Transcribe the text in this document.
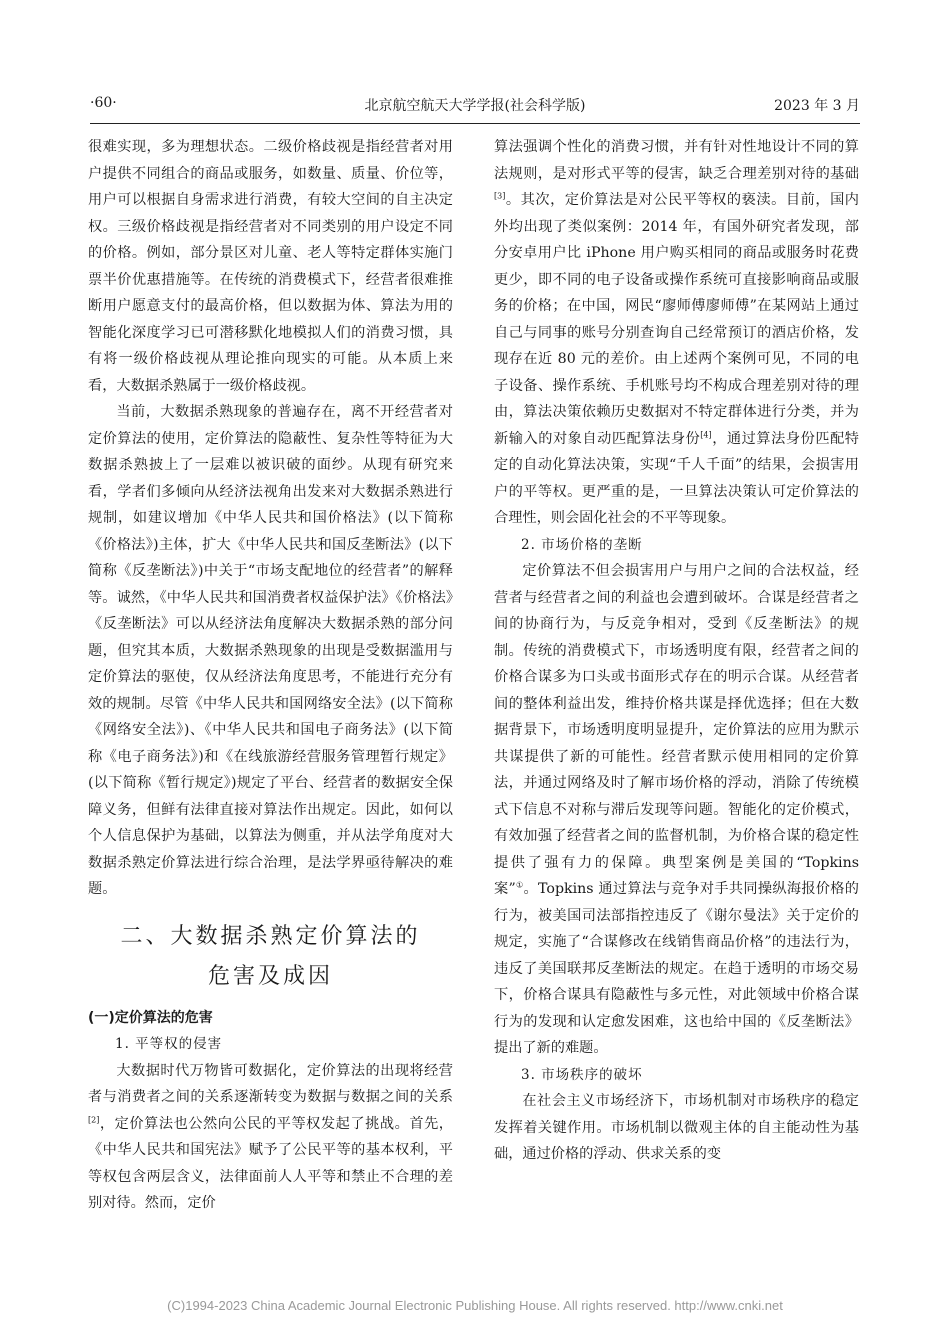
·60·	北京航空航天大学学报(社会科学版)	2023 年 3 月

很难实现，多为理想状态。二级价格歧视是指经营者对用户提供不同组合的商品或服务，如数量、质量、价位等，用户可以根据自身需求进行消费，有较大空间的自主决定权。三级价格歧视是指经营者对不同类别的用户设定不同的价格。例如，部分景区对儿童、老人等特定群体实施门票半价优惠措施等。在传统的消费模式下，经营者很难推断用户愿意支付的最高价格，但以数据为体、算法为用的智能化深度学习已可潜移默化地模拟人们的消费习惯，具有将一级价格歧视从理论推向现实的可能。从本质上来看，大数据杀熟属于一级价格歧视。

当前，大数据杀熟现象的普遍存在，离不开经营者对定价算法的使用，定价算法的隐蔽性、复杂性等特征为大数据杀熟披上了一层难以被识破的面纱。从现有研究来看，学者们多倾向从经济法视角出发来对大数据杀熟进行规制，如建议增加《中华人民共和国价格法》(以下简称《价格法》)主体，扩大《中华人民共和国反垄断法》(以下简称《反垄断法》)中关于“市场支配地位的经营者”的解释等。诚然，《中华人民共和国消费者权益保护法》《价格法》《反垄断法》可以从经济法角度解决大数据杀熟的部分问题，但究其本质，大数据杀熟现象的出现是受数据滥用与定价算法的驱使，仅从经济法角度思考，不能进行充分有效的规制。尽管《中华人民共和国网络安全法》(以下简称《网络安全法》)、《中华人民共和国电子商务法》(以下简称《电子商务法》)和《在线旅游经营服务管理暂行规定》(以下简称《暂行规定》)规定了平台、经营者的数据安全保障义务，但鲜有法律直接对算法作出规定。因此，如何以个人信息保护为基础，以算法为侧重，并从法学角度对大数据杀熟定价算法进行综合治理，是法学界亟待解决的难题。

二、大数据杀熟定价算法的
危害及成因
(一)定价算法的危害
1. 平等权的侵害

大数据时代万物皆可数据化，定价算法的出现将经营者与消费者之间的关系逐渐转变为数据与数据之间的关系[2]，定价算法也公然向公民的平等权发起了挑战。首先，《中华人民共和国宪法》赋予了公民平等的基本权利，平等权包含两层含义，法律面前人人平等和禁止不合理的差别对待。然而，定价

算法强调个性化的消费习惯，并有针对性地设计不同的算法规则，是对形式平等的侵害，缺乏合理差别对待的基础[3]。其次，定价算法是对公民平等权的亵渎。目前，国内外均出现了类似案例：2014 年，有国外研究者发现，部分安卓用户比 iPhone 用户购买相同的商品或服务时花费更少，即不同的电子设备或操作系统可直接影响商品或服务的价格；在中国，网民“廖师傅廖师傅”在某网站上通过自己与同事的账号分别查询自己经常预订的酒店价格，发现存在近 80 元的差价。由上述两个案例可见，不同的电子设备、操作系统、手机账号均不构成合理差别对待的理由，算法决策依赖历史数据对不特定群体进行分类，并为新输入的对象自动匹配算法身份[4]，通过算法身份匹配特定的自动化算法决策，实现“千人千面”的结果，会损害用户的平等权。更严重的是，一旦算法决策认可定价算法的合理性，则会固化社会的不平等现象。

2. 市场价格的垄断

定价算法不但会损害用户与用户之间的合法权益，经营者与经营者之间的利益也会遭到破坏。合谋是经营者之间的协商行为，与反竞争相对，受到《反垄断法》的规制。传统的消费模式下，市场透明度有限，经营者之间的价格合谋多为口头或书面形式存在的明示合谋。从经营者间的整体利益出发，维持价格共谋是择优选择；但在大数据背景下，市场透明度明显提升，定价算法的应用为默示共谋提供了新的可能性。经营者默示使用相同的定价算法，并通过网络及时了解市场价格的浮动，消除了传统模式下信息不对称与滞后发现等问题。智能化的定价模式，有效加强了经营者之间的监督机制，为价格合谋的稳定性提供了强有力的保障。典型案例是美国的“Topkins 案”①。Topkins 通过算法与竞争对手共同操纵海报价格的行为，被美国司法部指控违反了《谢尔曼法》关于定价的规定，实施了“合谋修改在线销售商品价格”的违法行为，违反了美国联邦反垄断法的规定。在趋于透明的市场交易下，价格合谋具有隐蔽性与多元性，对此领域中价格合谋行为的发现和认定愈发困难，这也给中国的《反垄断法》提出了新的难题。

3. 市场秩序的破坏

在社会主义市场经济下，市场机制对市场秩序的稳定发挥着关键作用。市场机制以微观主体的自主能动性为基础，通过价格的浮动、供求关系的变

(C)1994-2023 China Academic Journal Electronic Publishing House. All rights reserved. http://www.cnki.net
